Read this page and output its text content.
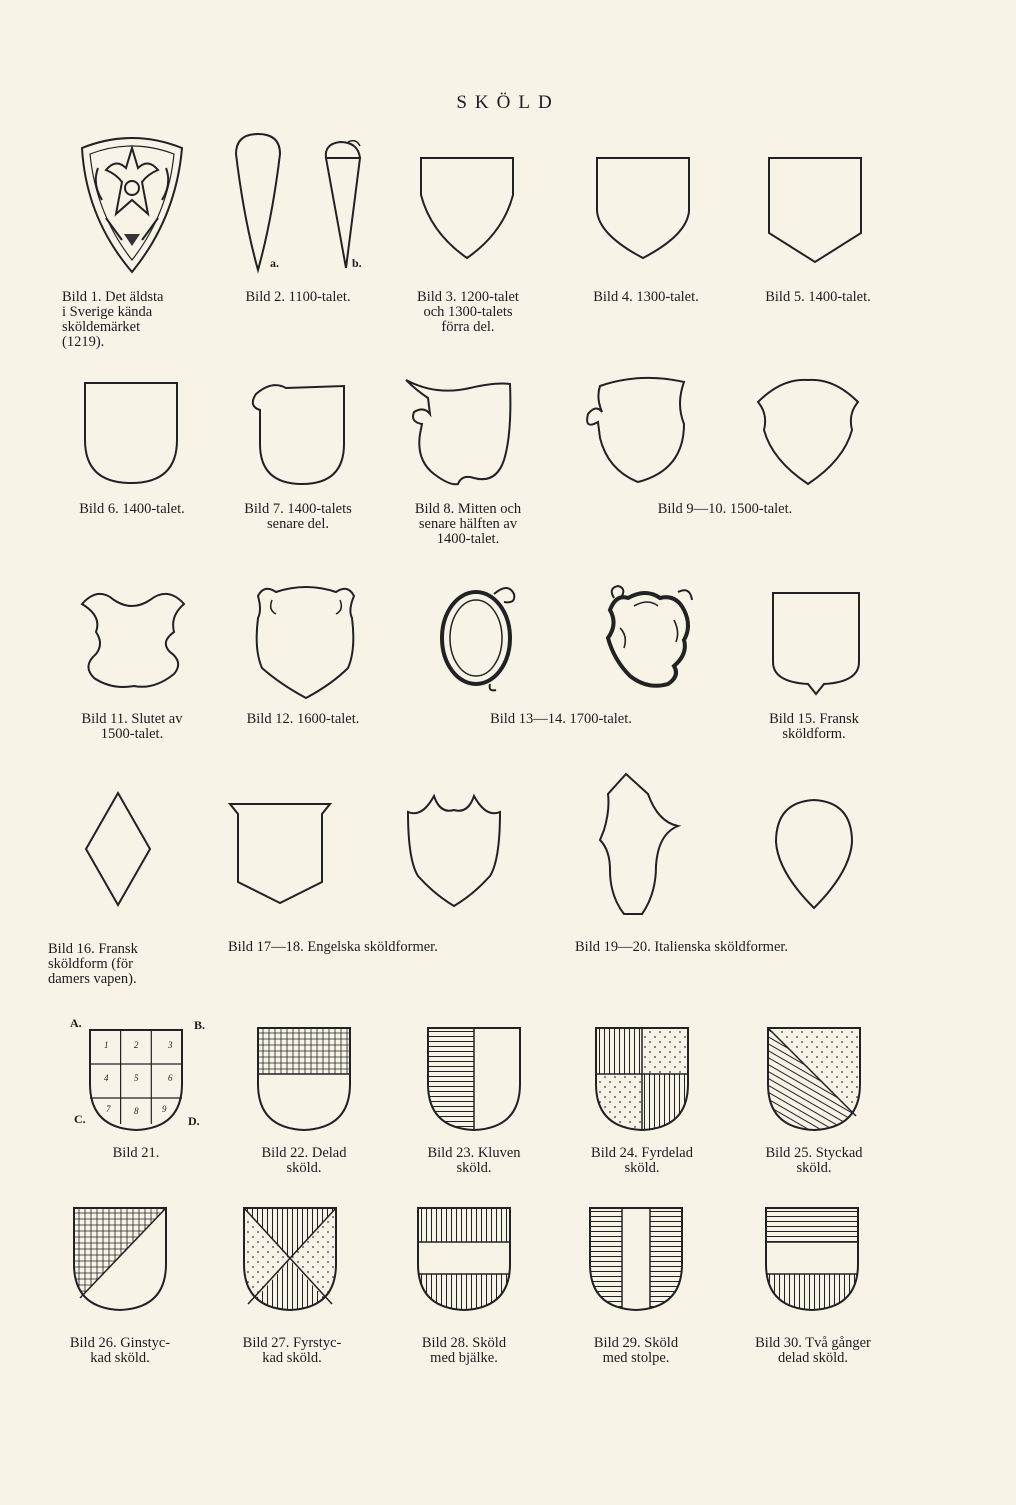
SKÖLD
Bild 1. Det äldsta
i Sverige kända
sköldemärket
(1219).
a.	b.
Bild 2. 1100-talet.	Bild 3. 1200-talet
och 1300-talets
förra del.
Bild 4. 1300-talet.	Bild 5. 1400-talet.
Bild 6. 1400-talet.	Bild 7. 1400-talets
senare del.
Bild 8. Mitten och
senare hälften av
1400-talet.
Bild 9—10. 1500-talet.
Bild 11. Slutet av
1500-talet.
Bild 12. 1600-talet.	Bild 13—14. 1700-talet.	Bild 15. Fransk
sköldform.
Bild 16. Fransk
sköldform (för
damers vapen).
Bild 17—18. Engelska sköldformer.	Bild 19—20. Italienska sköldformer.
1	2	3
4	5	6
7	8	9
A.	B.
C.	D.
Bild 21.	Bild 22. Delad
sköld.
Bild 23. Kluven
sköld.
Bild 24. Fyrdelad
sköld.
Bild 25. Styckad
sköld.
Bild 26. Ginstyc-
kad sköld.
Bild 27. Fyrstyc-
kad sköld.
Bild 28. Sköld
med bjälke.
Bild 29. Sköld
med stolpe.
Bild 30. Två gånger
delad sköld.
